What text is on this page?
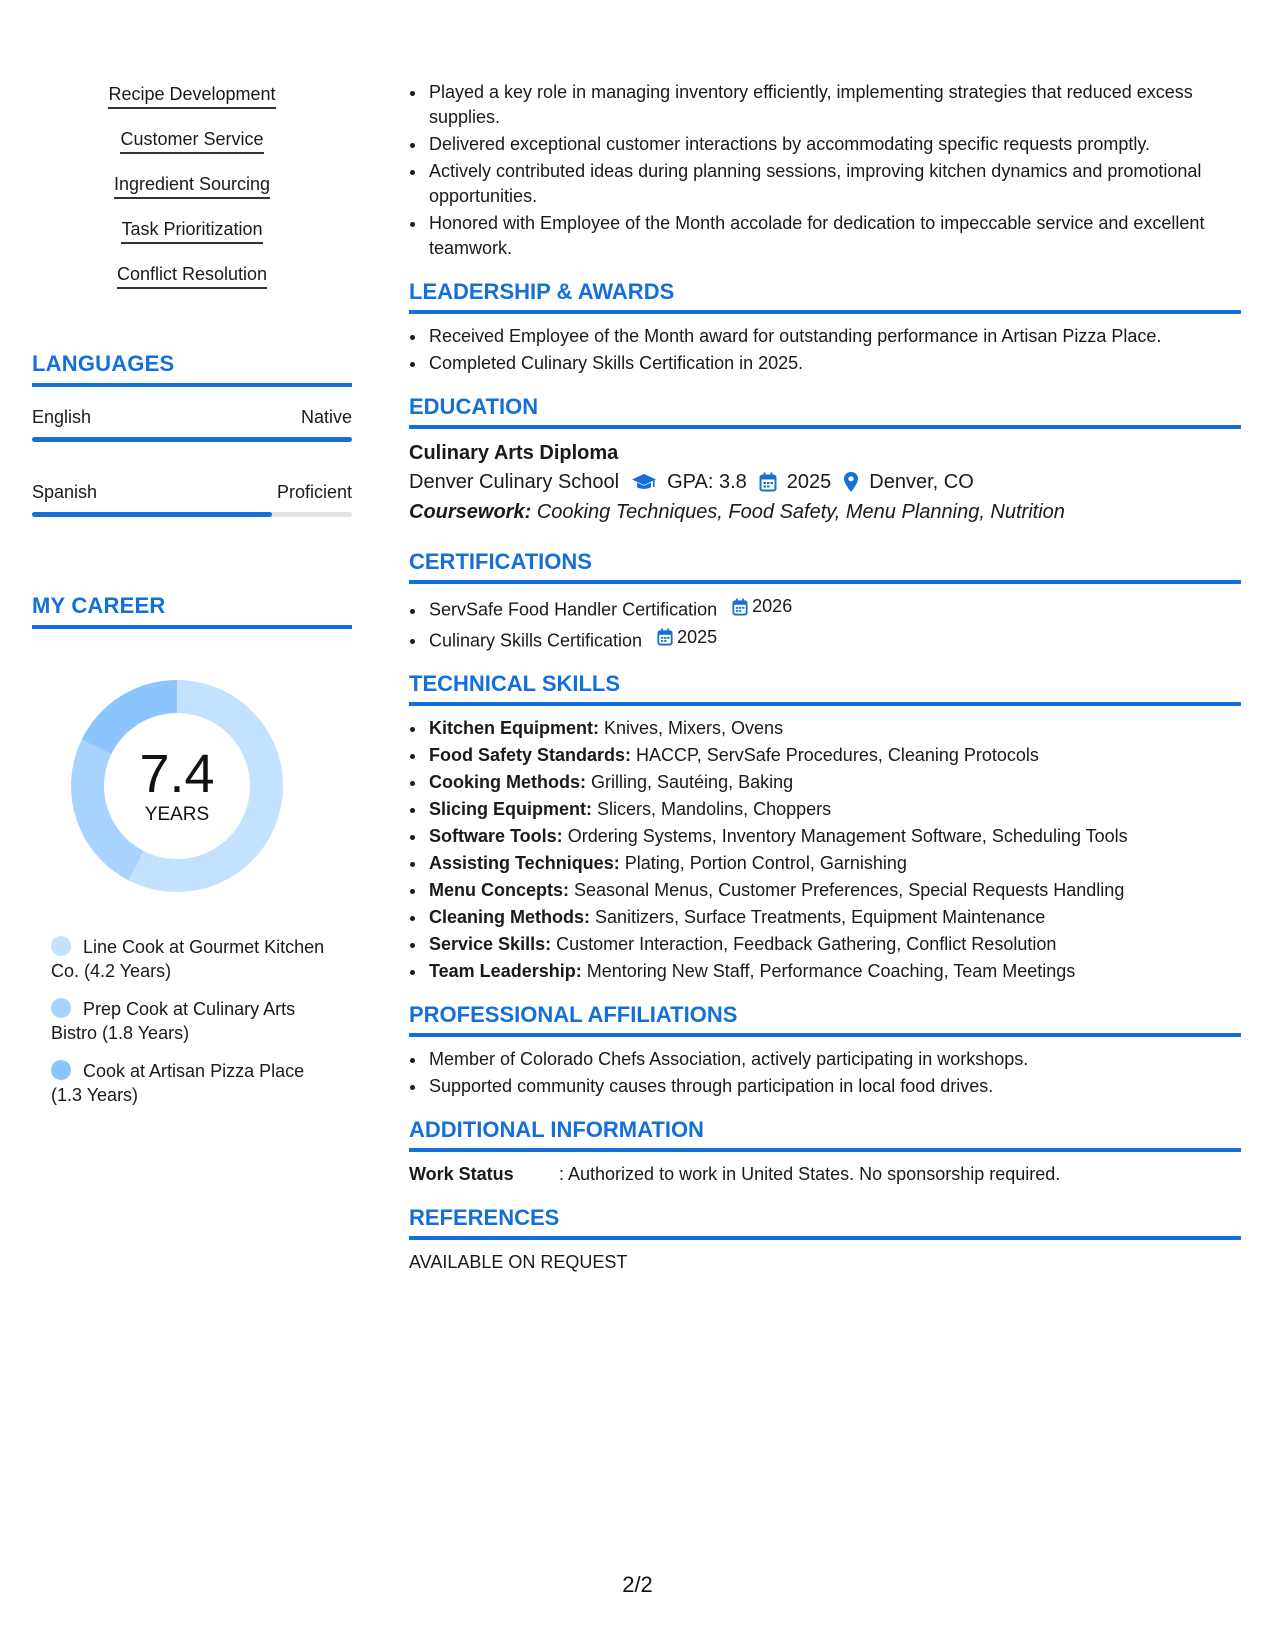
Recipe Development
Customer Service
Ingredient Sourcing
Task Prioritization
Conflict Resolution
LANGUAGES
English	Native
Spanish	Proficient
MY CAREER
7.4
YEARS
Line Cook at Gourmet Kitchen Co. (4.2 Years)
Prep Cook at Culinary Arts Bistro (1.8 Years)
Cook at Artisan Pizza Place (1.3 Years)
• Played a key role in managing inventory efficiently, implementing strategies that reduced excess supplies.
• Delivered exceptional customer interactions by accommodating specific requests promptly.
• Actively contributed ideas during planning sessions, improving kitchen dynamics and promotional opportunities.
• Honored with Employee of the Month accolade for dedication to impeccable service and excellent teamwork.
LEADERSHIP & AWARDS
• Received Employee of the Month award for outstanding performance in Artisan Pizza Place.
• Completed Culinary Skills Certification in 2025.
EDUCATION
Culinary Arts Diploma
Denver Culinary School GPA: 3.8 2025 Denver, CO
Coursework: Cooking Techniques, Food Safety, Menu Planning, Nutrition
CERTIFICATIONS
• ServSafe Food Handler Certification 2026
• Culinary Skills Certification 2025
TECHNICAL SKILLS
• Kitchen Equipment: Knives, Mixers, Ovens
• Food Safety Standards: HACCP, ServSafe Procedures, Cleaning Protocols
• Cooking Methods: Grilling, Sautéing, Baking
• Slicing Equipment: Slicers, Mandolins, Choppers
• Software Tools: Ordering Systems, Inventory Management Software, Scheduling Tools
• Assisting Techniques: Plating, Portion Control, Garnishing
• Menu Concepts: Seasonal Menus, Customer Preferences, Special Requests Handling
• Cleaning Methods: Sanitizers, Surface Treatments, Equipment Maintenance
• Service Skills: Customer Interaction, Feedback Gathering, Conflict Resolution
• Team Leadership: Mentoring New Staff, Performance Coaching, Team Meetings
PROFESSIONAL AFFILIATIONS
• Member of Colorado Chefs Association, actively participating in workshops.
• Supported community causes through participation in local food drives.
ADDITIONAL INFORMATION
Work Status	: Authorized to work in United States. No sponsorship required.
REFERENCES
AVAILABLE ON REQUEST
2/2
